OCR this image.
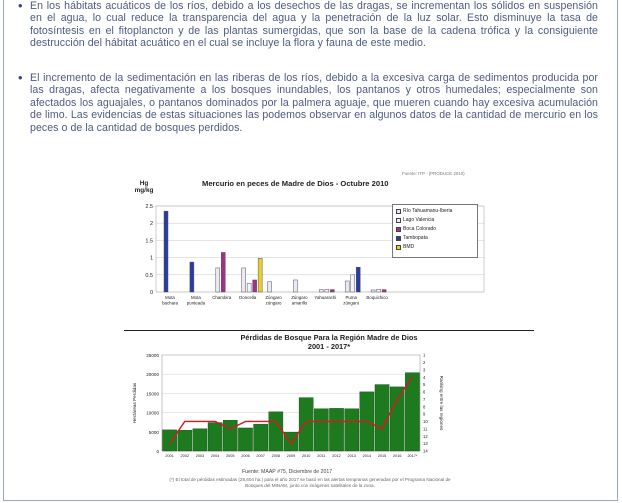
• En los hábitats acuáticos de los ríos, debido a los desechos de las dragas, se incrementan los sólidos en suspensión en el agua, lo cual reduce la transparencia del agua y la penetración de la luz solar. Esto disminuye la tasa de fotosíntesis en el fitoplancton y de las plantas sumergidas, que son la base de la cadena trófica y la consiguiente destrucción del hábitat acuático en el cual se incluye la flora y fauna de este medio.

• El incremento de la sedimentación en las riberas de los ríos, debido a la excesiva carga de sedimentos producida por las dragas, afecta negativamente a los bosques inundables, los pantanos y otros humedales; especialmente son afectados los aguajales, o pantanos dominados por la palmera aguaje, que mueren cuando hay excesiva acumulación de limo. Las evidencias de estas situaciones las podemos observar en algunos datos de la cantidad de mercurio en los peces o de la cantidad de bosques perdidos.

0
0.5
1
1.5
2
2.5
Mota
bachara
Mota
punteada
Chambira Doncella Zúngaro
zúngaro
Zúngaro
amarillo
Yahuarachi Puma
zúngaro
Boquichico
Hg
mg/kg
Mercurio en peces de Madre de Dios - Octubre 2010
Río Tahuamanu-Iberia
Lago Valencia
Boca Colorado
Tambopata
BMD
Fuente: ITP - (PRODUCE 2010)
Pérdidas de Bosque Para la Región Madre de Dios
2001 - 2017*
0
5000
10000
15000
20000
25000	1
2
3
4
5
6
7
8
9
10
11
12
13
14
Hectáreas Perdidas	Ranking entre las regiones
2001 2002 2003 2004 2005 2006 2007 2008 2009 2010 2011 2012 2013 2014 2015 2016 2017*
Fuente: MAAP #75, Diciembre de 2017
(*) El total de pérdidas estimadas (28,604 ha.) para el año 2017 se basó en las alertas tempranas generadas por el Programa Nacional de Bosques del MINAM, junto con imágenes satelitales de la zona.
